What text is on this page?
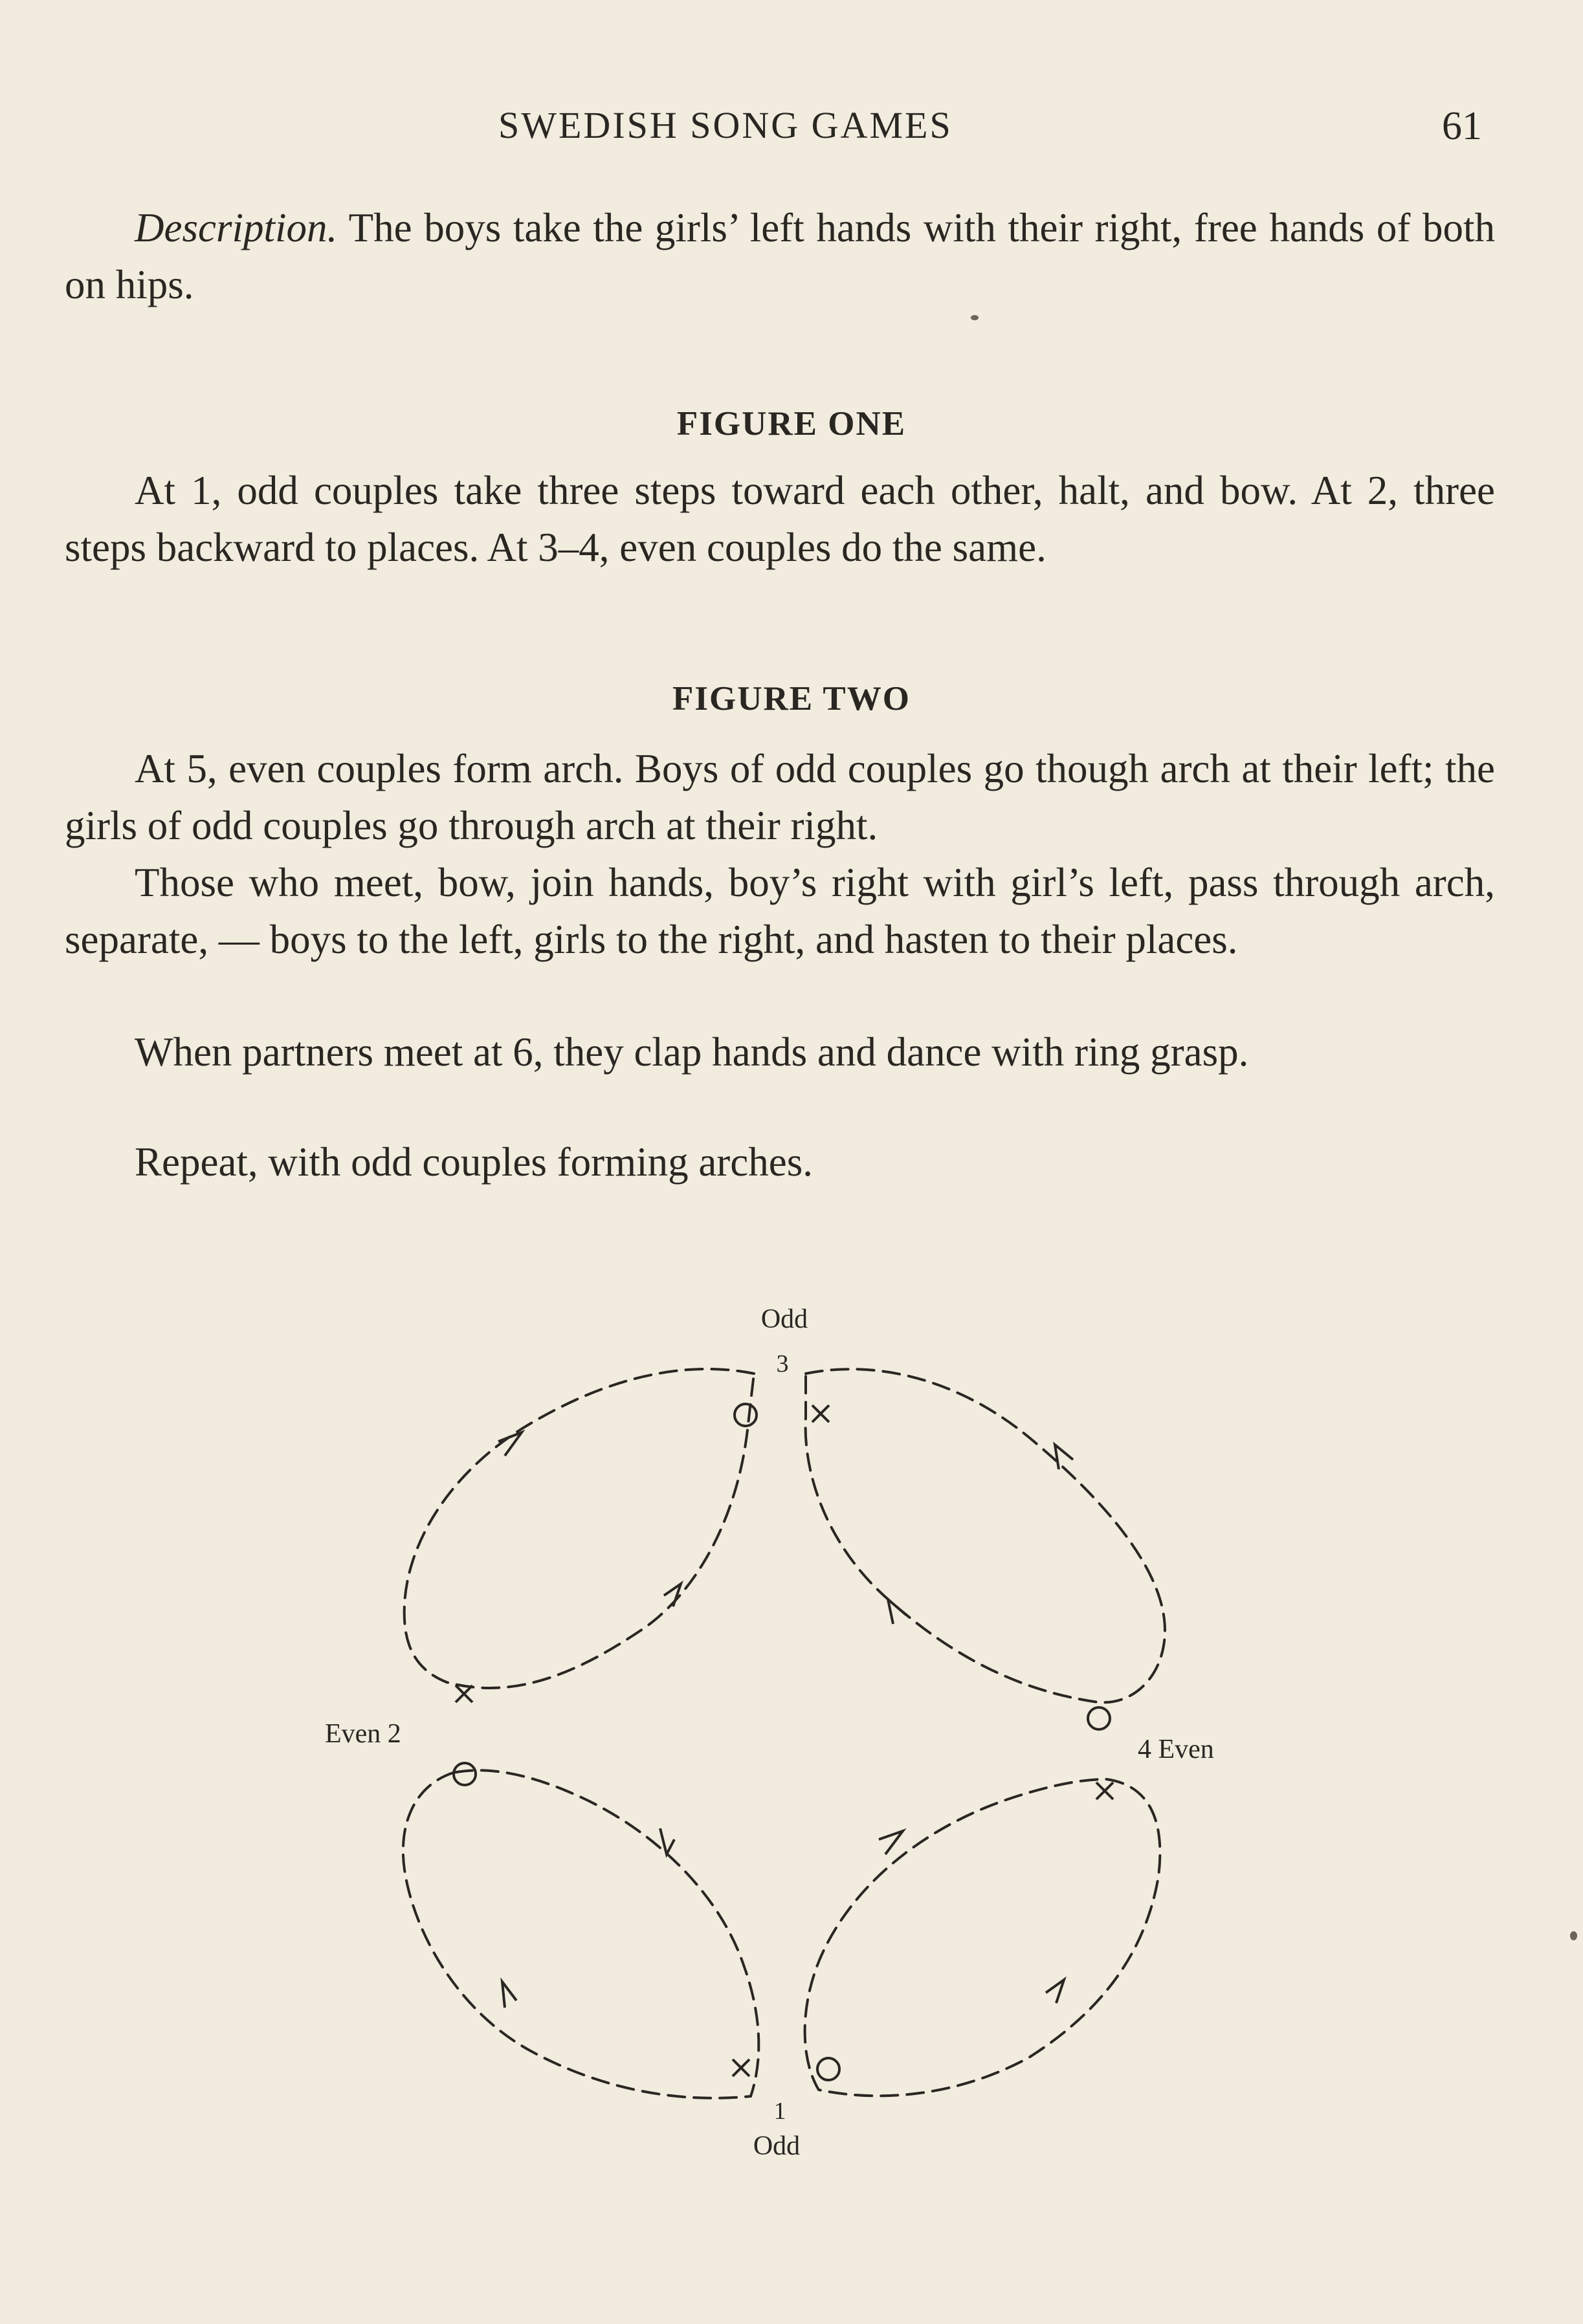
SWEDISH SONG GAMES	61

Description. The boys take the girls’ left hands with their right, free hands of both on hips.

FIGURE ONE

At 1, odd couples take three steps toward each other, halt, and bow. At 2, three steps backward to places. At 3–4, even couples do the same.

FIGURE TWO

At 5, even couples form arch. Boys of odd couples go though arch at their left; the girls of odd couples go through arch at their right.

Those who meet, bow, join hands, boy’s right with girl’s left, pass through arch, separate, — boys to the left, girls to the right, and hasten to their places.

When partners meet at 6, they clap hands and dance with ring grasp.

Repeat, with odd couples forming arches.

Odd
3
Even 2
4 Even
1
Odd
